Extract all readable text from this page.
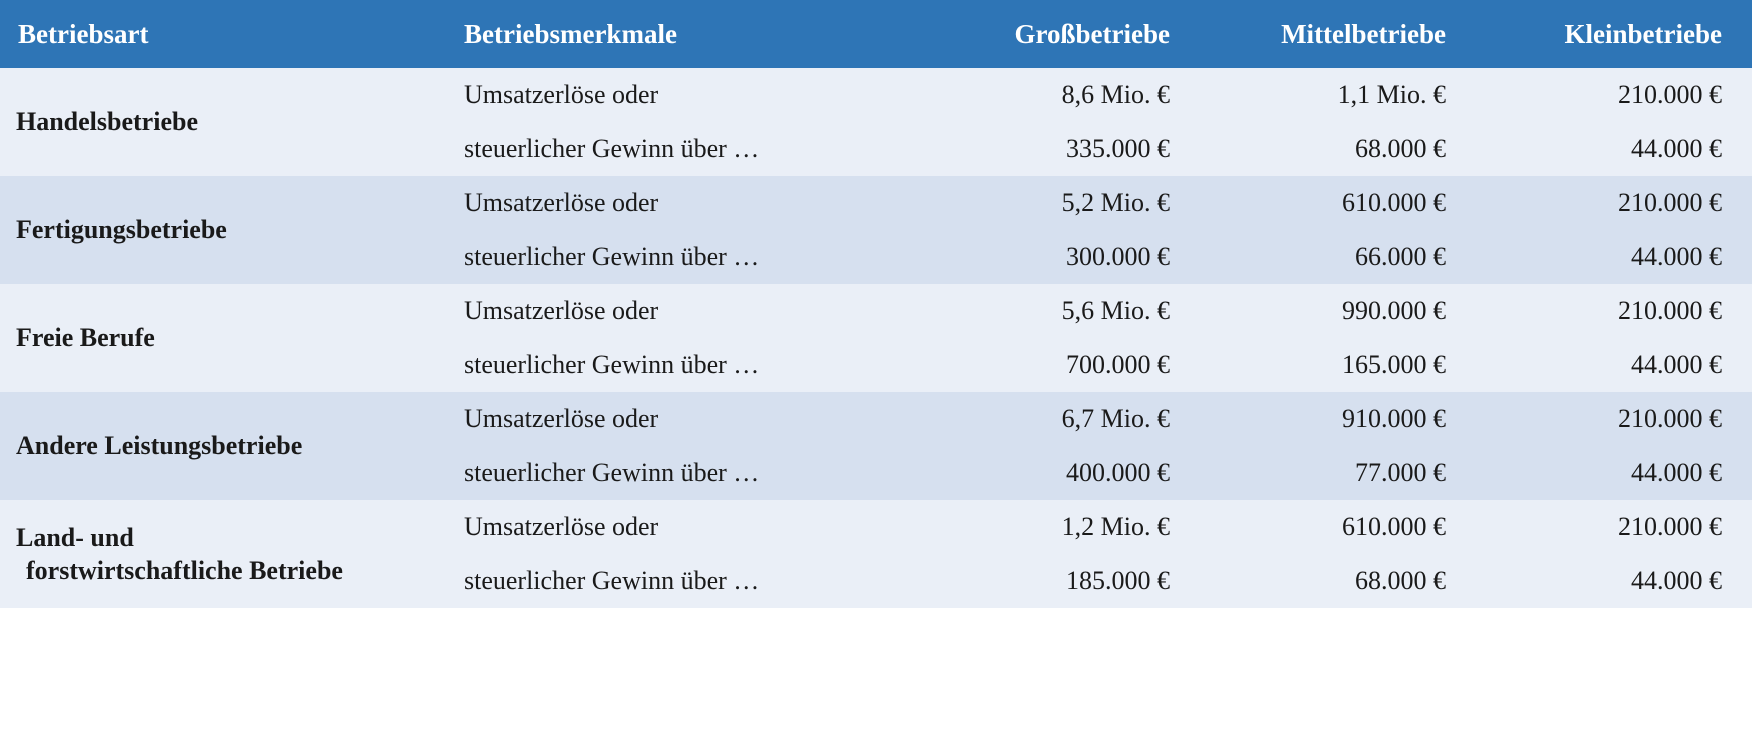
Betriebsart	Betriebsmerkmale	Großbetriebe	Mittelbetriebe	Kleinbetriebe

Handelsbetriebe	Umsatzerlöse oder	8,6 Mio. €	1,1 Mio. €	210.000 €
	steuerlicher Gewinn über …	335.000 €	68.000 €	44.000 €

Fertigungsbetriebe	Umsatzerlöse oder	5,2 Mio. €	610.000 €	210.000 €
	steuerlicher Gewinn über …	300.000 €	66.000 €	44.000 €

Freie Berufe	Umsatzerlöse oder	5,6 Mio. €	990.000 €	210.000 €
	steuerlicher Gewinn über …	700.000 €	165.000 €	44.000 €

Andere Leistungsbetriebe	Umsatzerlöse oder	6,7 Mio. €	910.000 €	210.000 €
	steuerlicher Gewinn über …	400.000 €	77.000 €	44.000 €

Land- und
forstwirtschaftliche Betriebe	Umsatzerlöse oder	1,2 Mio. €	610.000 €	210.000 €
	steuerlicher Gewinn über …	185.000 €	68.000 €	44.000 €
